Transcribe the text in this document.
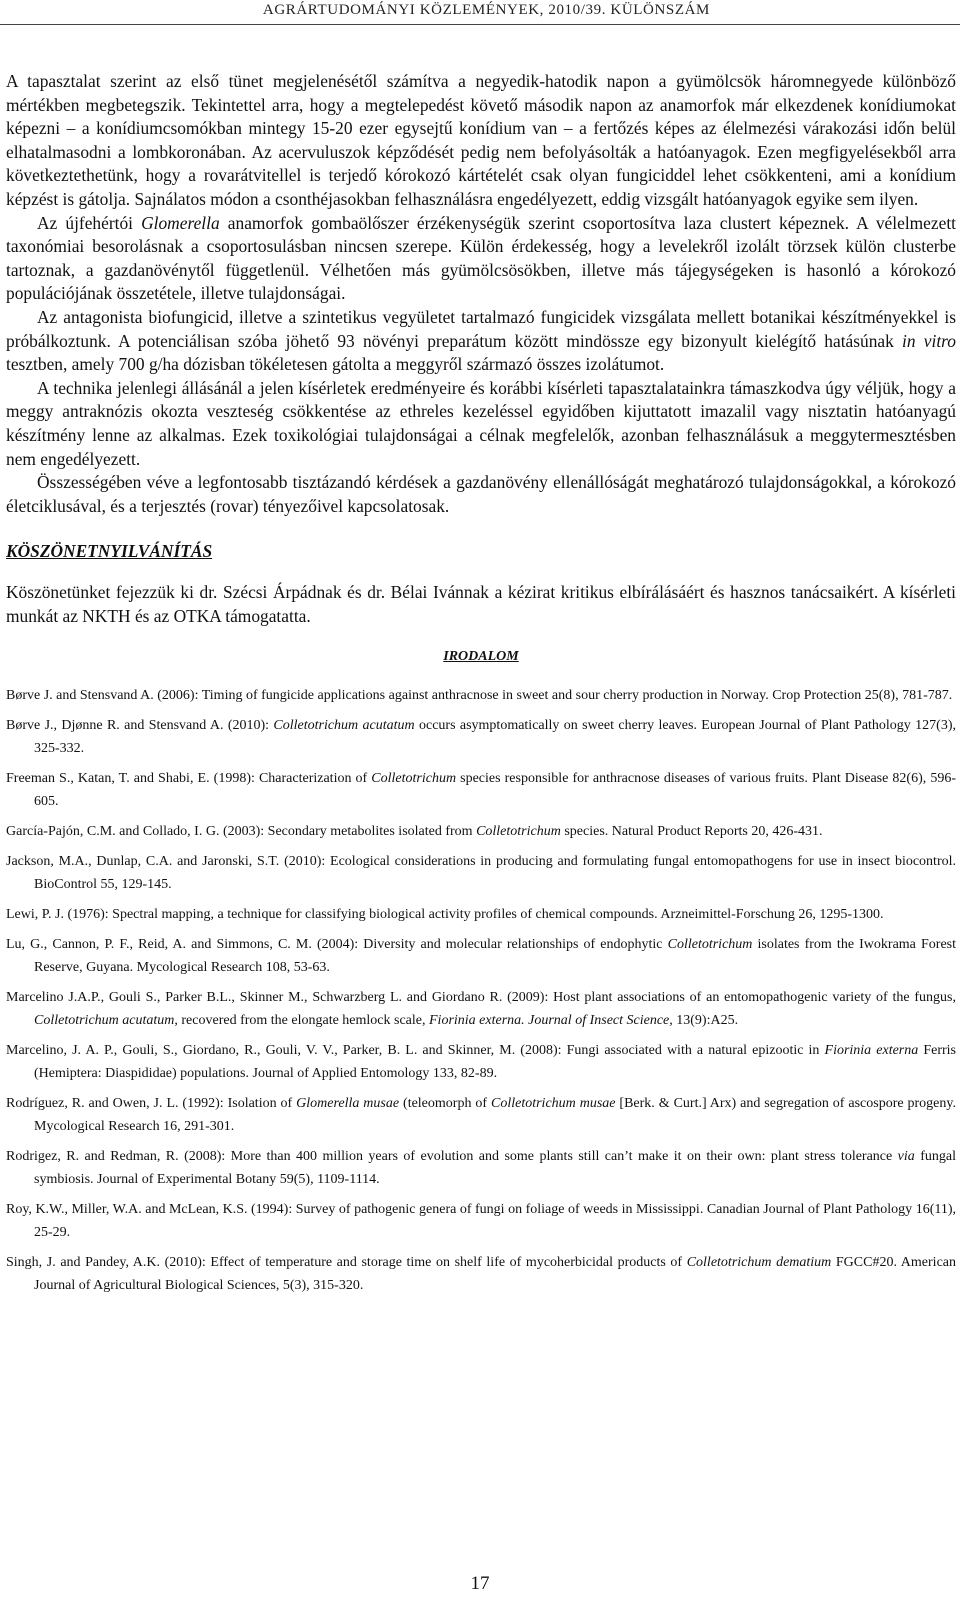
AGRÁRTUDOMÁNYI KÖZLEMÉNYEK, 2010/39. KÜLÖNSZÁM

A tapasztalat szerint az első tünet megjelenésétől számítva a negyedik-hatodik napon a gyümölcsök háromnegyede különböző mértékben megbetegszik. Tekintettel arra, hogy a megtelepedést követő második napon az anamorfok már elkezdenek konídiumokat képezni – a konídiumcsomókban mintegy 15-20 ezer egysejtű konídium van – a fertőzés képes az élelmezési várakozási időn belül elhatalmasodni a lombkoronában. Az acervuluszok képződését pedig nem befolyásolták a hatóanyagok. Ezen megfigyelésekből arra következtethetünk, hogy a rovarátvitellel is terjedő kórokozó kártételét csak olyan fungiciddel lehet csökkenteni, ami a konídium képzést is gátolja. Sajnálatos módon a csonthéjasokban felhasználásra engedélyezett, eddig vizsgált hatóanyagok egyike sem ilyen.

Az újfehértói Glomerella anamorfok gombaölőszer érzékenységük szerint csoportosítva laza clustert képeznek. A vélelmezett taxonómiai besorolásnak a csoportosulásban nincsen szerepe. Külön érdekesség, hogy a levelekről izolált törzsek külön clusterbe tartoznak, a gazdanövénytől függetlenül. Vélhetően más gyümölcsösökben, illetve más tájegységeken is hasonló a kórokozó populációjának összetétele, illetve tulajdonságai.

Az antagonista biofungicid, illetve a szintetikus vegyületet tartalmazó fungicidek vizsgálata mellett botanikai készítményekkel is próbálkoztunk. A potenciálisan szóba jöhető 93 növényi preparátum között mindössze egy bizonyult kielégítő hatásúnak in vitro tesztben, amely 700 g/ha dózisban tökéletesen gátolta a meggyről származó összes izolátumot.

A technika jelenlegi állásánál a jelen kísérletek eredményeire és korábbi kísérleti tapasztalatainkra támaszkodva úgy véljük, hogy a meggy antraknózis okozta veszteség csökkentése az ethreles kezeléssel egyidőben kijuttatott imazalil vagy nisztatin hatóanyagú készítmény lenne az alkalmas. Ezek toxikológiai tulajdonságai a célnak megfelelők, azonban felhasználásuk a meggytermesztésben nem engedélyezett.

Összességében véve a legfontosabb tisztázandó kérdések a gazdanövény ellenállóságát meghatározó tulajdonságokkal, a kórokozó életciklusával, és a terjesztés (rovar) tényezőivel kapcsolatosak.

KÖSZÖNETNYILVÁNÍTÁS
Köszönetünket fejezzük ki dr. Szécsi Árpádnak és dr. Bélai Ivánnak a kézirat kritikus elbírálásáért és hasznos tanácsaikért. A kísérleti munkát az NKTH és az OTKA támogatatta.
IRODALOM

Børve J. and Stensvand A. (2006): Timing of fungicide applications against anthracnose in sweet and sour cherry production in Norway. Crop Protection 25(8), 781-787.

Børve J., Djønne R. and Stensvand A. (2010): Colletotrichum acutatum occurs asymptomatically on sweet cherry leaves. European Journal of Plant Pathology 127(3), 325-332.

Freeman S., Katan, T. and Shabi, E. (1998): Characterization of Colletotrichum species responsible for anthracnose diseases of various fruits. Plant Disease 82(6), 596-605.

García-Pajón, C.M. and Collado, I. G. (2003): Secondary metabolites isolated from Colletotrichum species. Natural Product Reports 20, 426-431.

Jackson, M.A., Dunlap, C.A. and Jaronski, S.T. (2010): Ecological considerations in producing and formulating fungal entomopathogens for use in insect biocontrol. BioControl 55, 129-145.

Lewi, P. J. (1976): Spectral mapping, a technique for classifying biological activity profiles of chemical compounds. Arzneimittel-Forschung 26, 1295-1300.

Lu, G., Cannon, P. F., Reid, A. and Simmons, C. M. (2004): Diversity and molecular relationships of endophytic Colletotrichum isolates from the Iwokrama Forest Reserve, Guyana. Mycological Research 108, 53-63.

Marcelino J.A.P., Gouli S., Parker B.L., Skinner M., Schwarzberg L. and Giordano R. (2009): Host plant associations of an entomopathogenic variety of the fungus, Colletotrichum acutatum, recovered from the elongate hemlock scale, Fiorinia externa. Journal of Insect Science, 13(9):A25.

Marcelino, J. A. P., Gouli, S., Giordano, R., Gouli, V. V., Parker, B. L. and Skinner, M. (2008): Fungi associated with a natural epizootic in Fiorinia externa Ferris (Hemiptera: Diaspididae) populations. Journal of Applied Entomology 133, 82-89.

Rodríguez, R. and Owen, J. L. (1992): Isolation of Glomerella musae (teleomorph of Colletotrichum musae [Berk. & Curt.] Arx) and segregation of ascospore progeny. Mycological Research 16, 291-301.

Rodrigez, R. and Redman, R. (2008): More than 400 million years of evolution and some plants still can’t make it on their own: plant stress tolerance via fungal symbiosis. Journal of Experimental Botany 59(5), 1109-1114.

Roy, K.W., Miller, W.A. and McLean, K.S. (1994): Survey of pathogenic genera of fungi on foliage of weeds in Mississippi. Canadian Journal of Plant Pathology 16(11), 25-29.

Singh, J. and Pandey, A.K. (2010): Effect of temperature and storage time on shelf life of mycoherbicidal products of Colletotrichum dematium FGCC#20. American Journal of Agricultural Biological Sciences, 5(3), 315-320.

17
